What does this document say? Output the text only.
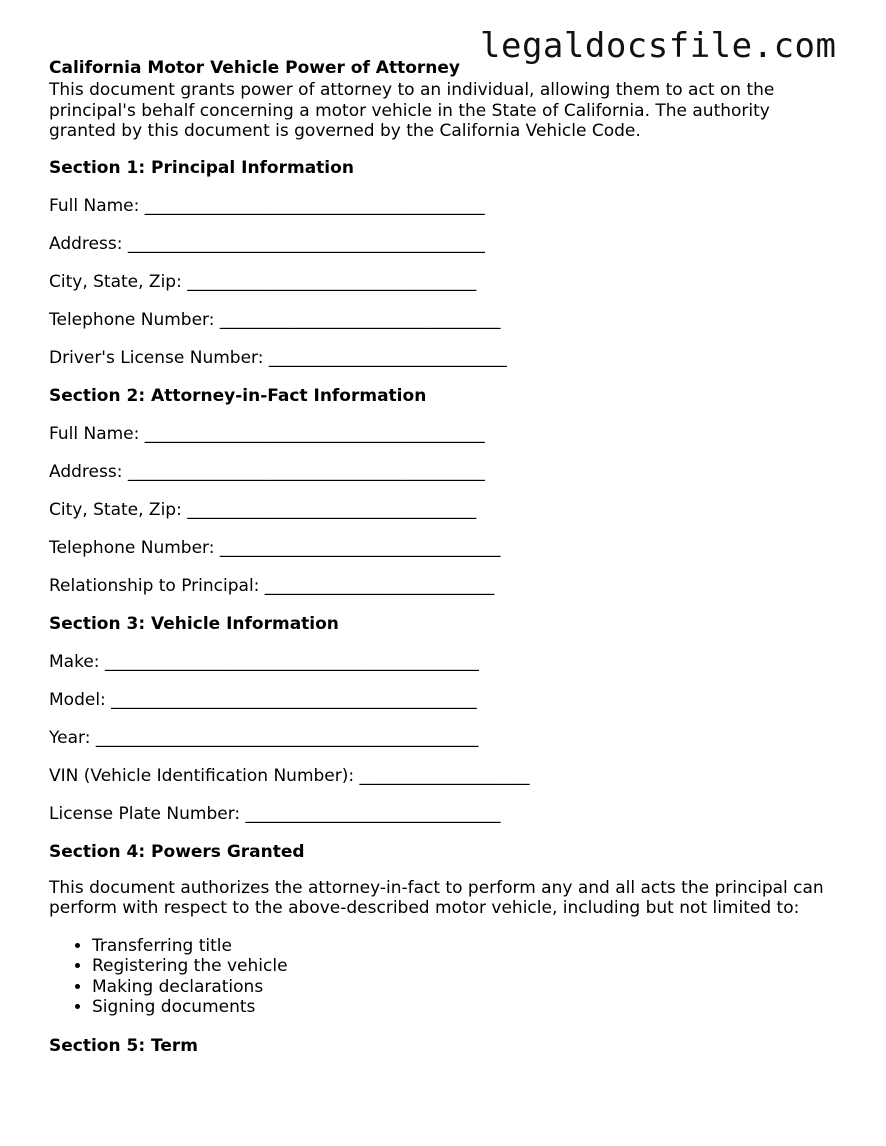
legaldocsfile.com
California Motor Vehicle Power of Attorney

This document grants power of attorney to an individual, allowing them to act on the principal's behalf concerning a motor vehicle in the State of California. The authority granted by this document is governed by the California Vehicle Code.

Section 1: Principal Information

Full Name: ________________________________________

Address: __________________________________________

City, State, Zip: __________________________________

Telephone Number: _________________________________

Driver's License Number: ____________________________

Section 2: Attorney-in-Fact Information

Full Name: ________________________________________

Address: __________________________________________

City, State, Zip: __________________________________

Telephone Number: _________________________________

Relationship to Principal: ___________________________

Section 3: Vehicle Information

Make: ____________________________________________

Model: ___________________________________________

Year: _____________________________________________

VIN (Vehicle Identification Number): ____________________

License Plate Number: ______________________________

Section 4: Powers Granted

This document authorizes the attorney-in-fact to perform any and all acts the principal can perform with respect to the above-described motor vehicle, including but not limited to:

• Transferring title
• Registering the vehicle
• Making declarations
• Signing documents
Section 5: Term
